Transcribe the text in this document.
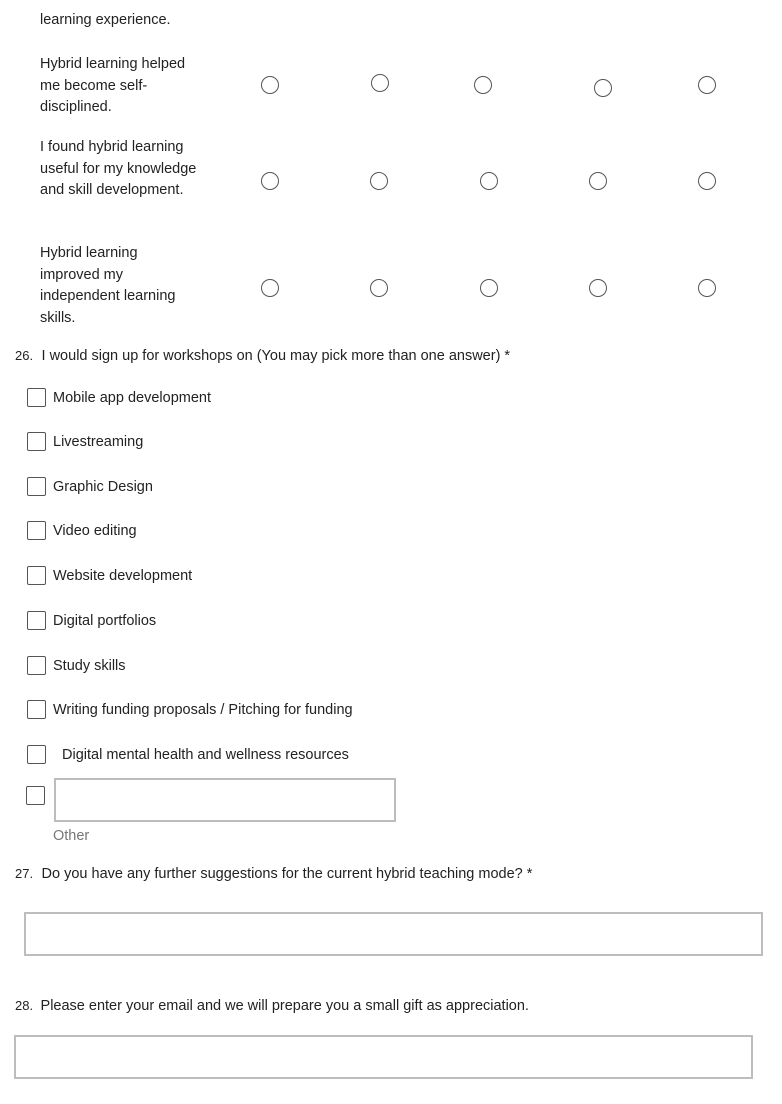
learning experience.
Hybrid learning helped me become self-disciplined.
I found hybrid learning useful for my knowledge and skill development.
Hybrid learning improved my independent learning skills.
26. I would sign up for workshops on (You may pick more than one answer) *
Mobile app development
Livestreaming
Graphic Design
Video editing
Website development
Digital portfolios
Study skills
Writing funding proposals / Pitching for funding
Digital mental health and wellness resources
Other
27. Do you have any further suggestions for the current hybrid teaching mode? *
28. Please enter your email and we will prepare you a small gift as appreciation.
